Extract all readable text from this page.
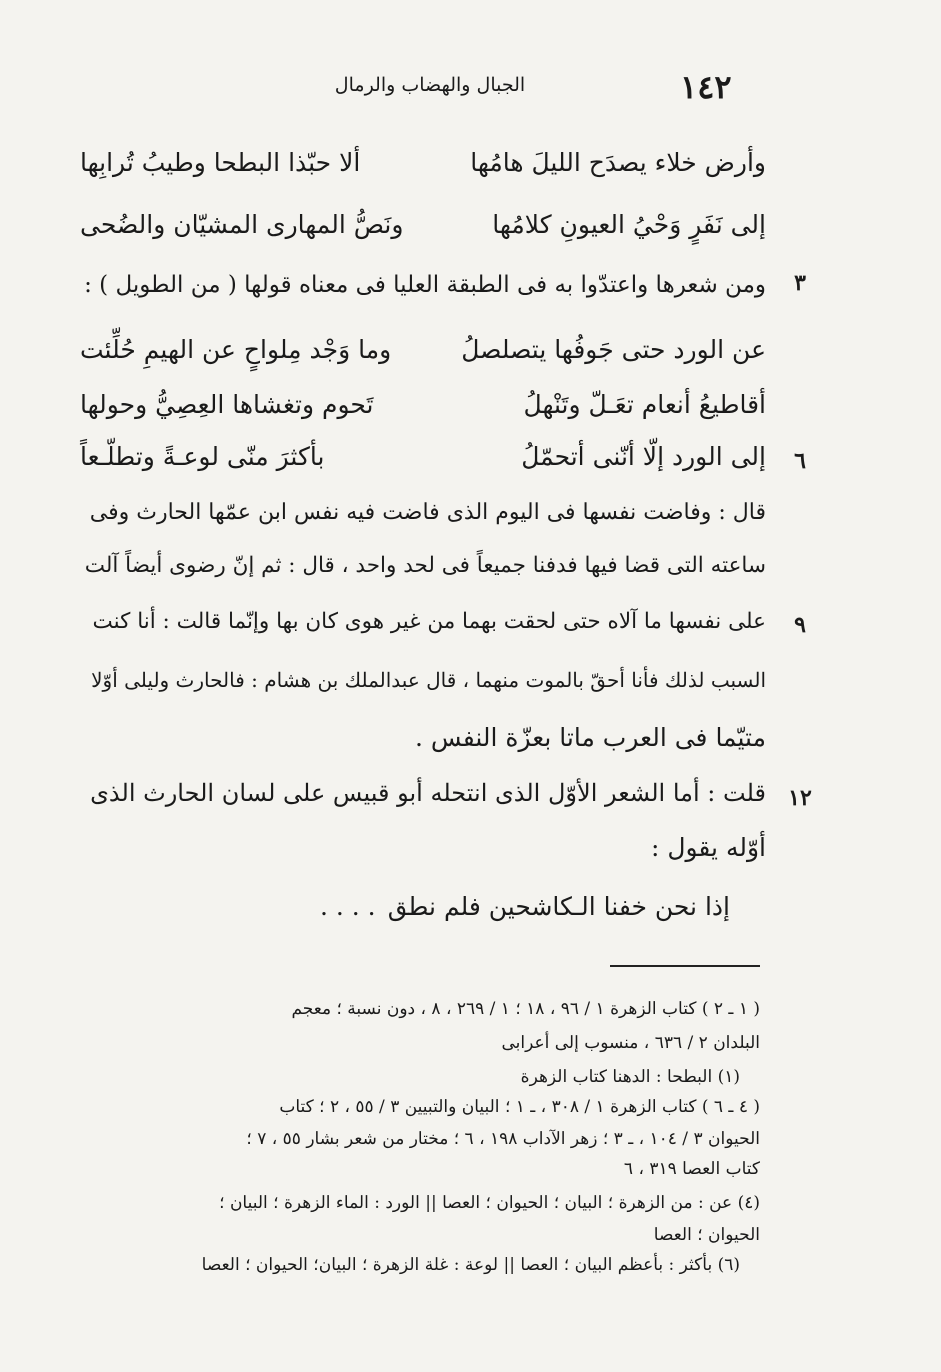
١٤٢
الجبال والهضاب والرمال
ألا حبّذا البطحا وطيبُ تُرابِها	وأرض خلاء يصدَح الليلَ هامُها
ونَصُّ المهارى المشيّان والضُحى	إلى نَفَرٍ وَحْيُ العيونِ كلامُها
٣
ومن شعرها واعتدّوا به فى الطبقة العليا فى معناه قولها ( من الطويل ) :
وما وَجْد مِلواحٍ عن الهيمِ حُلِّئت	عن الورد حتى جَوفُها يتصلصلُ
تَحوم وتغشاها العِصِيُّ وحولها	أقاطيعُ أنعام تعَـلّ وتَنْهلُ
٦
بأكثرَ منّى لوعـةً وتطلّـعاً	إلى الورد إلّا أنّنى أتحمّلُ
قال : وفاضت نفسها فى اليوم الذى فاضت فيه نفس ابن عمّها الحارث وفى
ساعته التى قضا فيها فدفنا جميعاً فى لحد واحد ، قال : ثم إنّ رضوى أيضاً آلت
٩
على نفسها ما آلاه حتى لحقت بهما من غير هوى كان بها وإنّما قالت : أنا كنت
السبب لذلك فأنا أحقّ بالموت منهما ، قال عبدالملك بن هشام : فالحارث وليلى أوّلا
متيّما فى العرب ماتا بعزّة النفس .
١٢
قلت : أما الشعر الأوّل الذى انتحله أبو قبيس على لسان الحارث الذى
أوّله يقول :
إذا نحن خفنا الـكاشحين فلم نطق
. . . .
( ١ ـ ٢ ) كتاب الزهرة ١ / ٩٦ ، ١٨ ؛ ١ / ٢٦٩ ، ٨ ، دون نسبة ؛ معجم
البلدان ٢ / ٦٣٦ ، منسوب إلى أعرابى
(١) البطحا : الدهنا كتاب الزهرة
( ٤ ـ ٦ ) كتاب الزهرة ١ / ٣٠٨ ، ـ ١ ؛ البيان والتبيين ٣ / ٥٥ ، ٢ ؛ كتاب
الحيوان ٣ / ١٠٤ ، ـ ٣ ؛ زهر الآداب ١٩٨ ، ٦ ؛ مختار من شعر بشار ٥٥ ، ٧ ؛
كتاب العصا ٣١٩ ، ٦
(٤) عن : من الزهرة ؛ البيان ؛ الحيوان ؛ العصا || الورد : الماء الزهرة ؛ البيان ؛
الحيوان ؛ العصا
(٦) بأكثر : بأعظم البيان ؛ العصا || لوعة : غلة الزهرة ؛ البيان؛ الحيوان ؛ العصا
